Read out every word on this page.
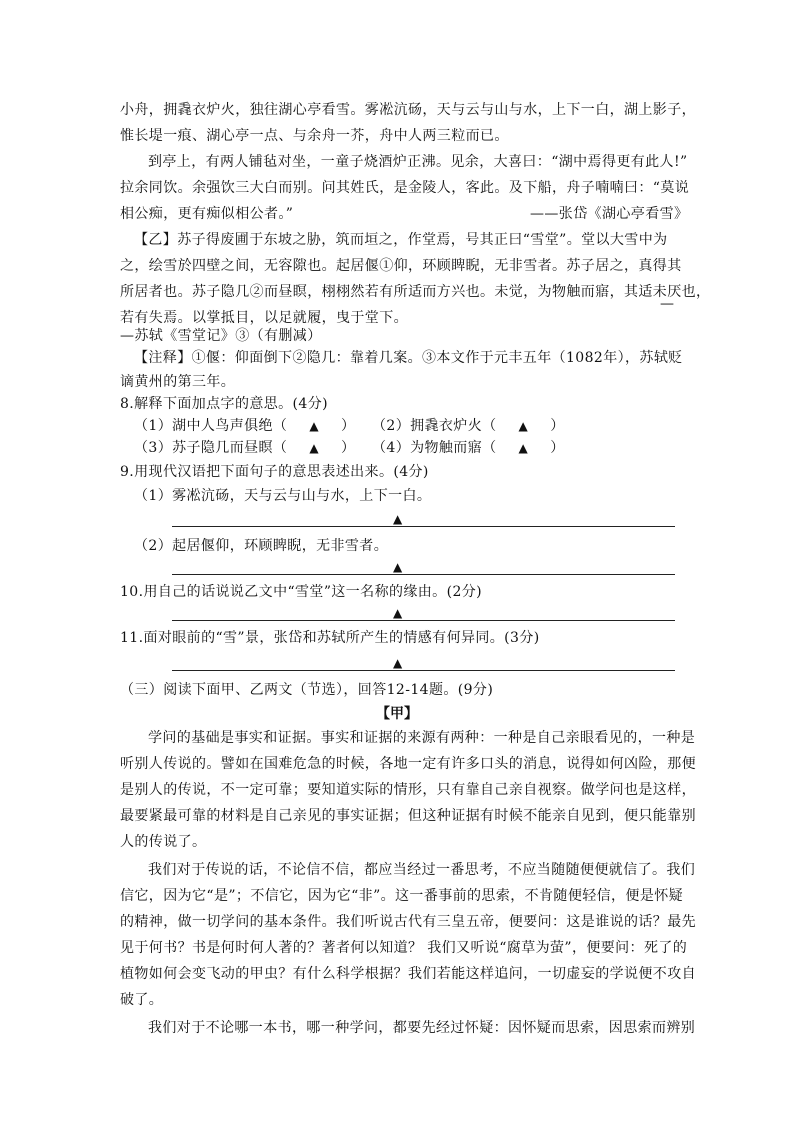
小舟，拥毳衣炉火，独往湖心亭看雪。雾凇沆砀，天与云与山与水，上下一白，湖上影子，
惟长堤一痕、湖心亭一点、与余舟一芥，舟中人两三粒而已。
到亭上，有两人铺毡对坐，一童子烧酒炉正沸。见余，大喜曰：“湖中焉得更有此人!”
拉余同饮。余强饮三大白而别。问其姓氏，是金陵人，客此。及下船，舟子喃喃曰：“莫说
相公痴，更有痴似相公者。”	——张岱《湖心亭看雪》
【乙】苏子得废圃于东坡之胁，筑而垣之，作堂焉，号其正曰“雪堂”。堂以大雪中为
之，绘雪於四壁之间，无容隙也。起居偃①仰，环顾睥睨，无非雪者。苏子居之，真得其
所居者也。苏子隐几②而昼瞑，栩栩然若有所适而方兴也。未觉，为物触而寤，其适未厌也，
若有失焉。以掌抵目，以足就履，曳于堂下。
—
—苏轼《雪堂记》③（有删减）
【注释】①偃：仰面倒下②隐几：靠着几案。③本文作于元丰五年（1082年），苏轼贬
谪黄州的第三年。
8.解释下面加点字的意思。(4分)
（1）湖中人鸟声俱绝（ ▲ ） （2）拥毳衣炉火（ ▲ ）
（3）苏子隐几而昼瞑（ ▲ ） （4）为物触而寤（ ▲ ）
9.用现代汉语把下面句子的意思表述出来。(4分)
（1）雾凇沆砀，天与云与山与水，上下一白。
▲
（2）起居偃仰，环顾睥睨，无非雪者。
▲
10.用自己的话说说乙文中“雪堂”这一名称的缘由。(2分)
▲
11.面对眼前的“雪”景，张岱和苏轼所产生的情感有何异同。(3分)
▲
（三）阅读下面甲、乙两文（节选），回答12-14题。(9分)
【甲】
学问的基础是事实和证据。事实和证据的来源有两种：一种是自己亲眼看见的，一种是
听别人传说的。譬如在国难危急的时候，各地一定有许多口头的消息，说得如何凶险，那便
是别人的传说，不一定可靠；要知道实际的情形，只有靠自己亲自视察。做学问也是这样，
最要紧最可靠的材料是自己亲见的事实证据；但这种证据有时候不能亲自见到，便只能靠别
人的传说了。
我们对于传说的话，不论信不信，都应当经过一番思考，不应当随随便便就信了。我们
信它，因为它“是”；不信它，因为它“非”。这一番事前的思索，不肯随便轻信，便是怀疑
的精神，做一切学问的基本条件。我们听说古代有三皇五帝，便要问：这是谁说的话？最先
见于何书？书是何时何人著的？著者何以知道？ 我们又听说“腐草为萤”，便要问：死了的
植物如何会变飞动的甲虫？有什么科学根据？我们若能这样追问，一切虚妄的学说便不攻自
破了。
我们对于不论哪一本书，哪一种学问，都要先经过怀疑：因怀疑而思索，因思索而辨别
